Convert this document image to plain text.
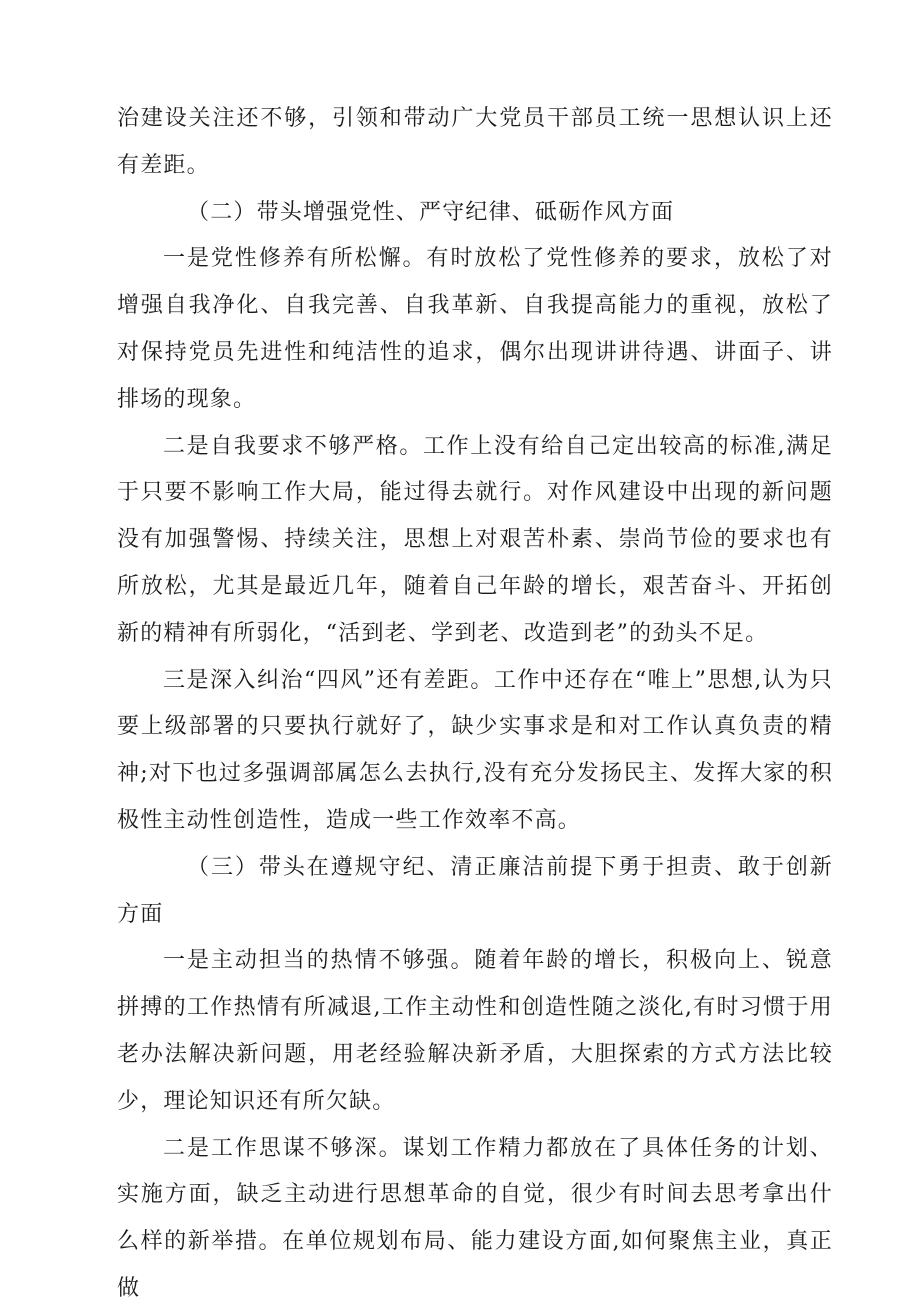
治建设关注还不够，引领和带动广大党员干部员工统一思想认识上还有差距。

（二）带头增强党性、严守纪律、砥砺作风方面

一是党性修养有所松懈。有时放松了党性修养的要求，放松了对增强自我净化、自我完善、自我革新、自我提高能力的重视，放松了对保持党员先进性和纯洁性的追求，偶尔出现讲讲待遇、讲面子、讲排场的现象。

二是自我要求不够严格。工作上没有给自己定出较高的标准,满足于只要不影响工作大局，能过得去就行。对作风建设中出现的新问题没有加强警惕、持续关注，思想上对艰苦朴素、崇尚节俭的要求也有所放松，尤其是最近几年，随着自己年龄的增长，艰苦奋斗、开拓创新的精神有所弱化，“活到老、学到老、改造到老”的劲头不足。

三是深入纠治“四风”还有差距。工作中还存在“唯上”思想,认为只要上级部署的只要执行就好了，缺少实事求是和对工作认真负责的精神;对下也过多强调部属怎么去执行,没有充分发扬民主、发挥大家的积极性主动性创造性，造成一些工作效率不高。

（三）带头在遵规守纪、清正廉洁前提下勇于担责、敢于创新方面

一是主动担当的热情不够强。随着年龄的增长，积极向上、锐意拼搏的工作热情有所减退,工作主动性和创造性随之淡化,有时习惯于用老办法解决新问题，用老经验解决新矛盾，大胆探索的方式方法比较少，理论知识还有所欠缺。

二是工作思谋不够深。谋划工作精力都放在了具体任务的计划、实施方面，缺乏主动进行思想革命的自觉，很少有时间去思考拿出什么样的新举措。在单位规划布局、能力建设方面,如何聚焦主业，真正做
